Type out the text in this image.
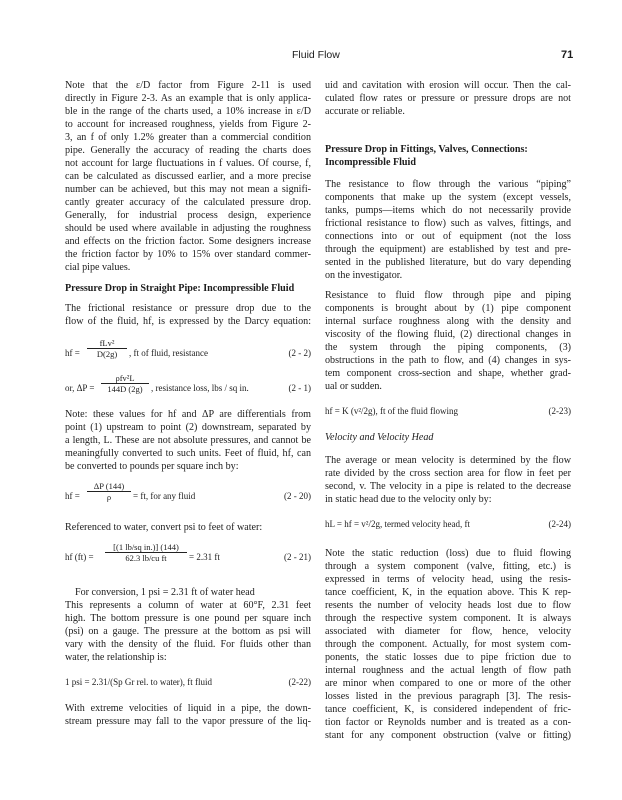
Fluid Flow	71
Note that the ε/D factor from Figure 2-11 is used
directly in Figure 2-3. As an example that is only applica-
ble in the range of the charts used, a 10% increase in ε/D
to account for increased roughness, yields from Figure 2-
3, an f of only 1.2% greater than a commercial condition
pipe. Generally the accuracy of reading the charts does
not account for large fluctuations in f values. Of course, f,
can be calculated as discussed earlier, and a more precise
number can be achieved, but this may not mean a signifi-
cantly greater accuracy of the calculated pressure drop.
Generally, for industrial process design, experience
should be used where available in adjusting the roughness
and effects on the friction factor. Some designers increase
the friction factor by 10% to 15% over standard commer-
cial pipe values.
Pressure Drop in Straight Pipe: Incompressible Fluid
The frictional resistance or pressure drop due to the
flow of the fluid, hf, is expressed by the Darcy equation:
hf =
fLv²
D(2g)	, ft of fluid, resistance	(2 - 2)
or, ΔP =
ρfv²L
144D (2g) , resistance loss, lbs / sq in.	(2 - 1)
Note: these values for hf and ΔP are differentials from
point (1) upstream to point (2) downstream, separated by
a length, L. These are not absolute pressures, and cannot be
meaningfully converted to such units. Feet of fluid, hf, can
be converted to pounds per square inch by:
hf = $\frac{\Delta P (144)}{\rho}$ = ft, for any fluid	(2 - 20)
Referenced to water, convert psi to feet of water:
hf $(ft) = \frac{\text{[(1 lb/sq in.)] (144)}}{\text{62.3 lb/cu ft}} = 2.31$ ft	(2 - 21)
For conversion, 1 psi = 2.31 ft of water head
This represents a column of water at 60°F, 2.31 feet
high. The bottom pressure is one pound per square inch
(psi) on a gauge. The pressure at the bottom as psi will
vary with the density of the fluid. For fluids other than
water, the relationship is:
1 psi = 2.31/(Sp Gr rel. to water), ft fluid	(2-22)
With extreme velocities of liquid in a pipe, the down-
stream pressure may fall to the vapor pressure of the liq-
uid and cavitation with erosion will occur. Then the cal-
culated flow rates or pressure or pressure drops are not
accurate or reliable.
Pressure Drop in Fittings, Valves, Connections:
Incompressible Fluid
The resistance to flow through the various “piping”
components that make up the system (except vessels,
tanks, pumps—items which do not necessarily provide
frictional resistance to flow) such as valves, fittings, and
connections into or out of equipment (not the loss
through the equipment) are established by test and pre-
sented in the published literature, but do vary depending
on the investigator.
Resistance to fluid flow through pipe and piping
components is brought about by (1) pipe component
internal surface roughness along with the density and
viscosity of the flowing fluid, (2) directional changes in
the system through the piping components, (3)
obstructions in the path to flow, and (4) changes in sys-
tem component cross-section and shape, whether grad-
ual or sudden.
hf = K (v²/2g), ft of the fluid flowing	(2-23)
Velocity and Velocity Head
The average or mean velocity is determined by the flow
rate divided by the cross section area for flow in feet per
second, v. The velocity in a pipe is related to the decrease
in static head due to the velocity only by:
hL = hf = v²/2g, termed velocity head, ft	(2-24)
Note the static reduction (loss) due to fluid flowing
through a system component (valve, fitting, etc.) is
expressed in terms of velocity head, using the resis-
tance coefficient, K, in the equation above. This K rep-
resents the number of velocity heads lost due to flow
through the respective system component. It is always
associated with diameter for flow, hence, velocity
through the component. Actually, for most system com-
ponents, the static losses due to pipe friction due to
internal roughness and the actual length of flow path
are minor when compared to one or more of the other
losses listed in the previous paragraph [3]. The resis-
tance coefficient, K, is considered independent of fric-
tion factor or Reynolds number and is treated as a con-
stant for any component obstruction (valve or fitting)
